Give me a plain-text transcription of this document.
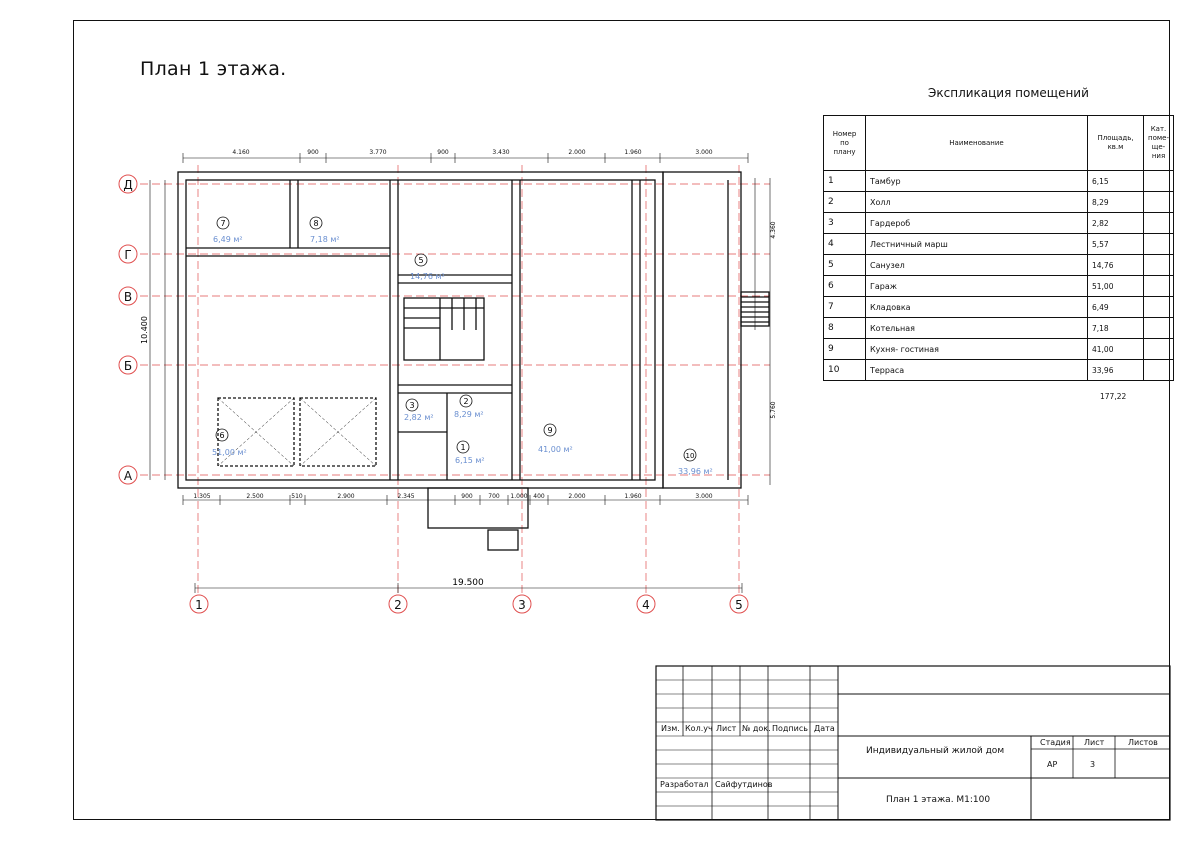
План 1 этажа.
Экспликация помещений
Д
Г
В
Б
А
1	2	3	4	5
4.160	900	3.770	900	3.430	2.000	1.960	3.000
1.305	2.500	510	2.900	2.345	900	700 1.000 400	2.000	1.960	3.000
19.500
10.400
5.760
4.360
7
6,49 м²
8
7,18 м²
5
14,76 м²
6
51,00 м²
3
2,82 м²
2
8,29 м²
1
6,15 м²
9
41,00 м²
10
33,96 м²
Номер по плану	Наименование	Площадь, кв.м	Кат. поме-ще-ния
1	Тамбур	6,15	
2	Холл	8,29	
3	Гардероб	2,82	
4	Лестничный марш	5,57	
5	Санузел	14,76	
6	Гараж	51,00	
7	Кладовка	6,49	
8	Котельная	7,18	
9	Кухня- гостиная	41,00	
10	Терраса	33,96	
177,22
Изм. Кол.уч Лист № док. Подпись Дата
Разработал Сайфутдинов
Индивидуальный жилой дом
План 1 этажа. М1:100
Стадия Лист	Листов
АР	3
